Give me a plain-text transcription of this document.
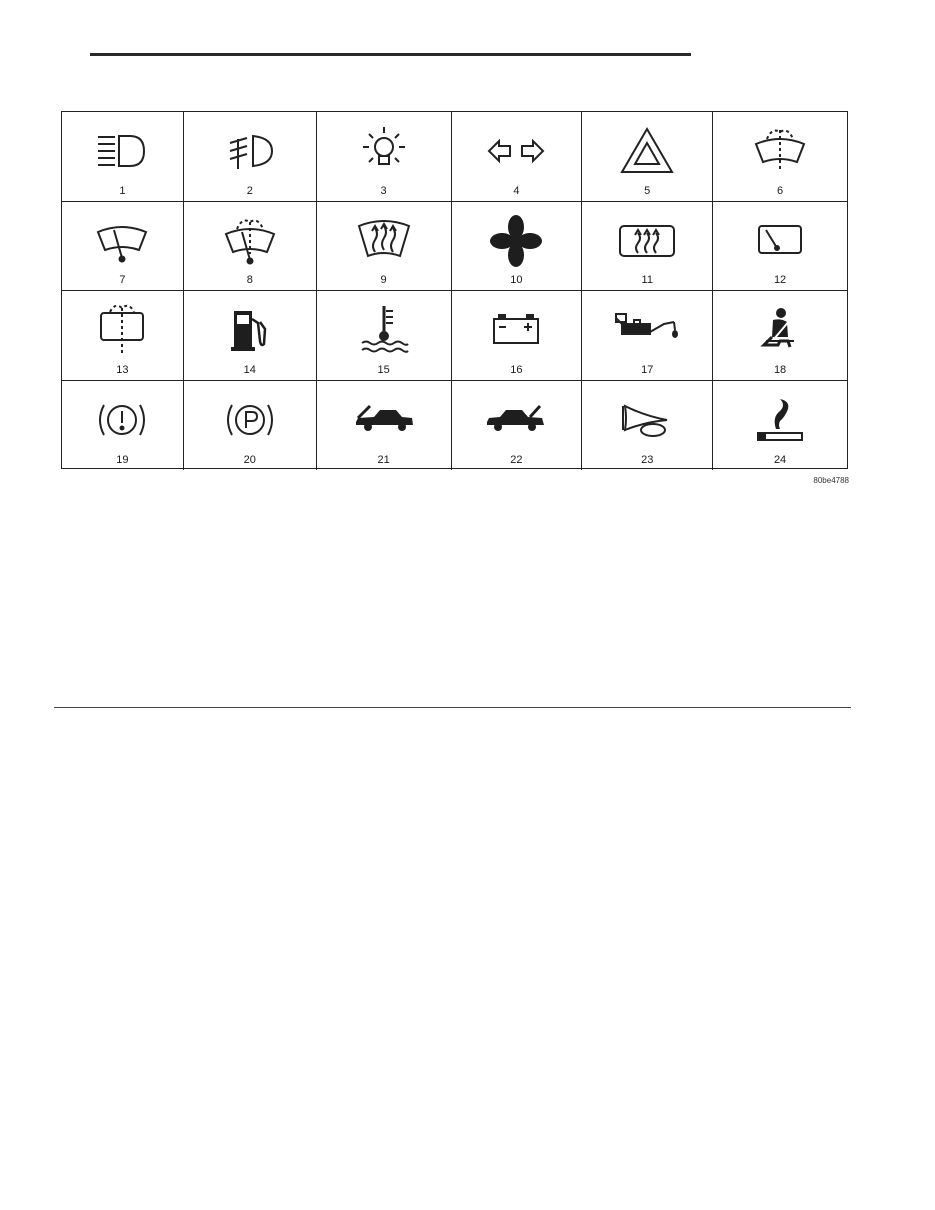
1	2	3	4	5	6
7	8	9	10	11	12
13	14	15	16	17	18
19	20	21	22	23	24
80be4788
